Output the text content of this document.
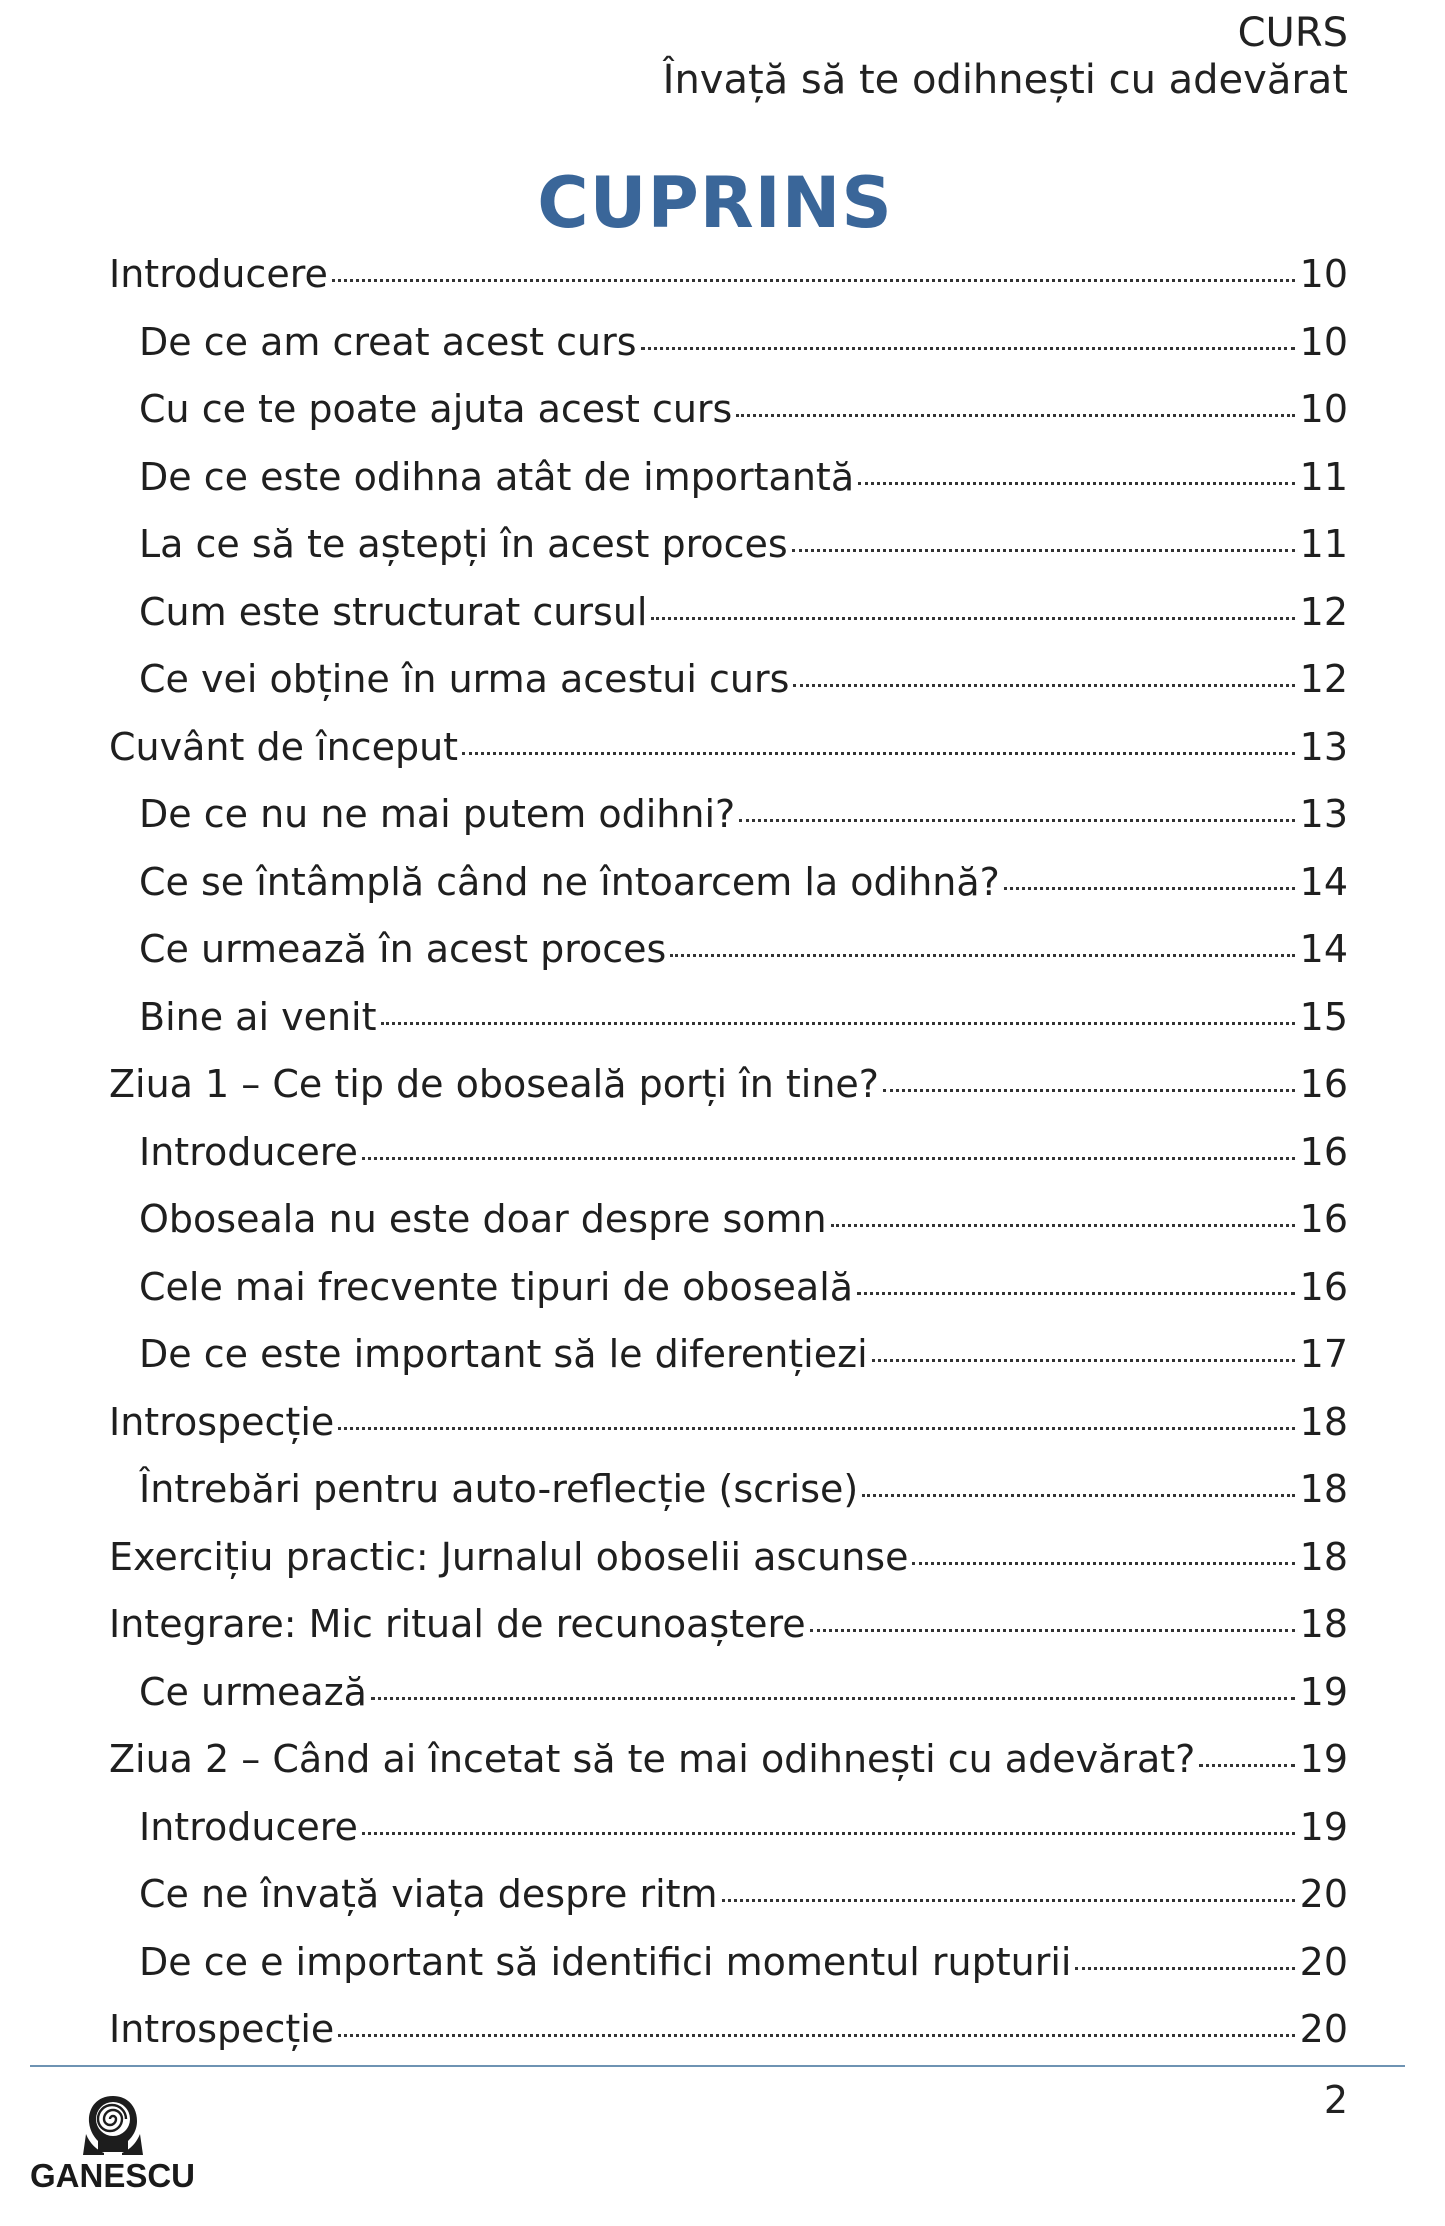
CURS
Învață să te odihnești cu adevărat
CUPRINS
Introducere	10
De ce am creat acest curs	10
Cu ce te poate ajuta acest curs	10
De ce este odihna atât de importantă	11
La ce să te aștepți în acest proces	11
Cum este structurat cursul	12
Ce vei obține în urma acestui curs	12
Cuvânt de început	13
De ce nu ne mai putem odihni?	13
Ce se întâmplă când ne întoarcem la odihnă?	14
Ce urmează în acest proces	14
Bine ai venit	15
Ziua 1 – Ce tip de oboseală porți în tine?	16
Introducere	16
Oboseala nu este doar despre somn	16
Cele mai frecvente tipuri de oboseală	16
De ce este important să le diferențiezi	17
Introspecție	18
Întrebări pentru auto-reflecție (scrise)	18
Exercițiu practic: Jurnalul oboselii ascunse	18
Integrare: Mic ritual de recunoaștere	18
Ce urmează	19
Ziua 2 – Când ai încetat să te mai odihnești cu adevărat?	19
Introducere	19
Ce ne învață viața despre ritm	20
De ce e important să identifici momentul rupturii	20
Introspecție	20
2
GANESCU
